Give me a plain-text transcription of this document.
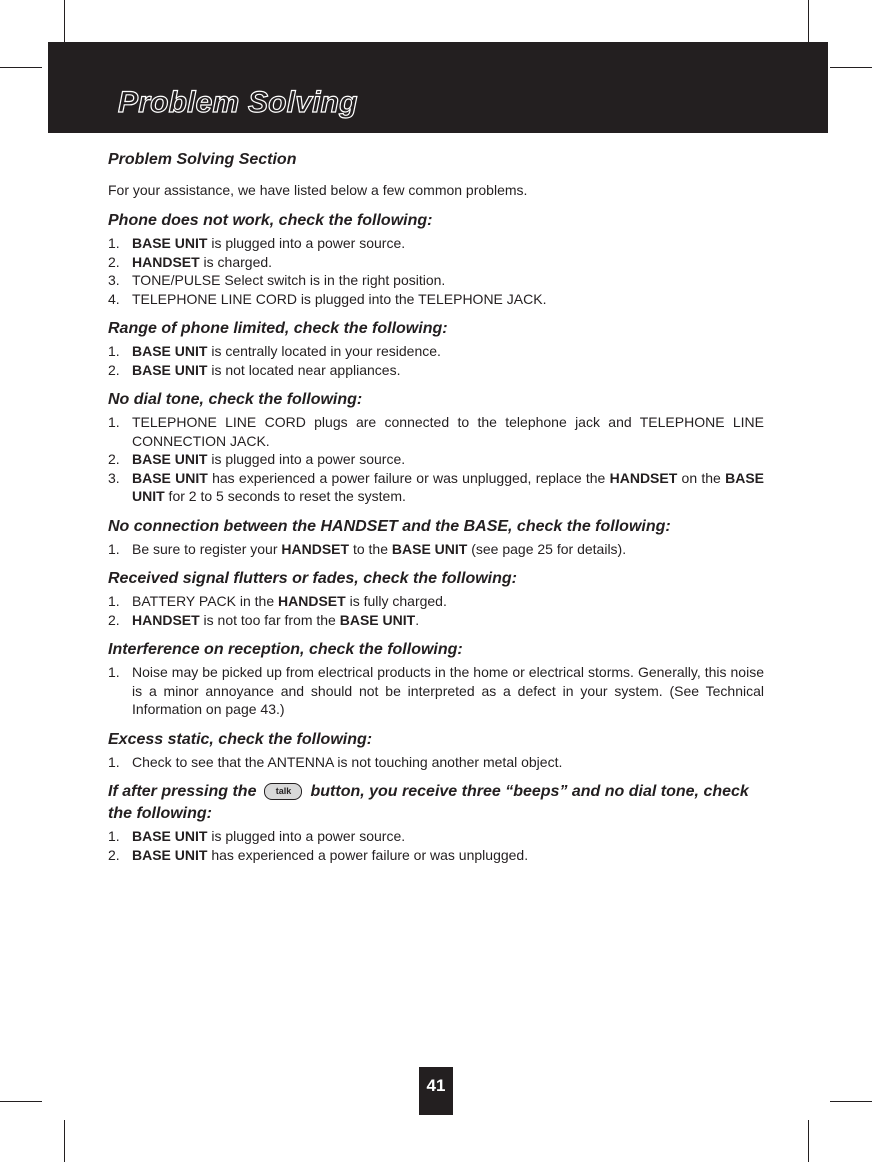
Problem Solving
Problem Solving Section

For your assistance, we have listed below a few common problems.

Phone does not work, check the following:
1. BASE UNIT is plugged into a power source.
2. HANDSET is charged.
3. TONE/PULSE Select switch is in the right position.
4. TELEPHONE LINE CORD is plugged into the TELEPHONE JACK.
Range of phone limited, check the following:
1. BASE UNIT is centrally located in your residence.
2. BASE UNIT is not located near appliances.
No dial tone, check the following:
1. TELEPHONE LINE CORD plugs are connected to the telephone jack and TELEPHONE LINE CONNECTION JACK.
2. BASE UNIT is plugged into a power source.
3. BASE UNIT has experienced a power failure or was unplugged, replace the HANDSET on the BASE UNIT for 2 to 5 seconds to reset the system.
No connection between the HANDSET and the BASE, check the following:
1. Be sure to register your HANDSET to the BASE UNIT (see page 25 for details).
Received signal flutters or fades, check the following:
1. BATTERY PACK in the HANDSET is fully charged.
2. HANDSET is not too far from the BASE UNIT.
Interference on reception, check the following:
1. Noise may be picked up from electrical products in the home or electrical storms. Generally, this noise is a minor annoyance and should not be interpreted as a defect in your system. (See Technical Information on page 43.)
Excess static, check the following:
1. Check to see that the ANTENNA is not touching another metal object.
If after pressing the talk button, you receive three “beeps” and no dial tone, check the following:
1. BASE UNIT is plugged into a power source.
2. BASE UNIT has experienced a power failure or was unplugged.
41
